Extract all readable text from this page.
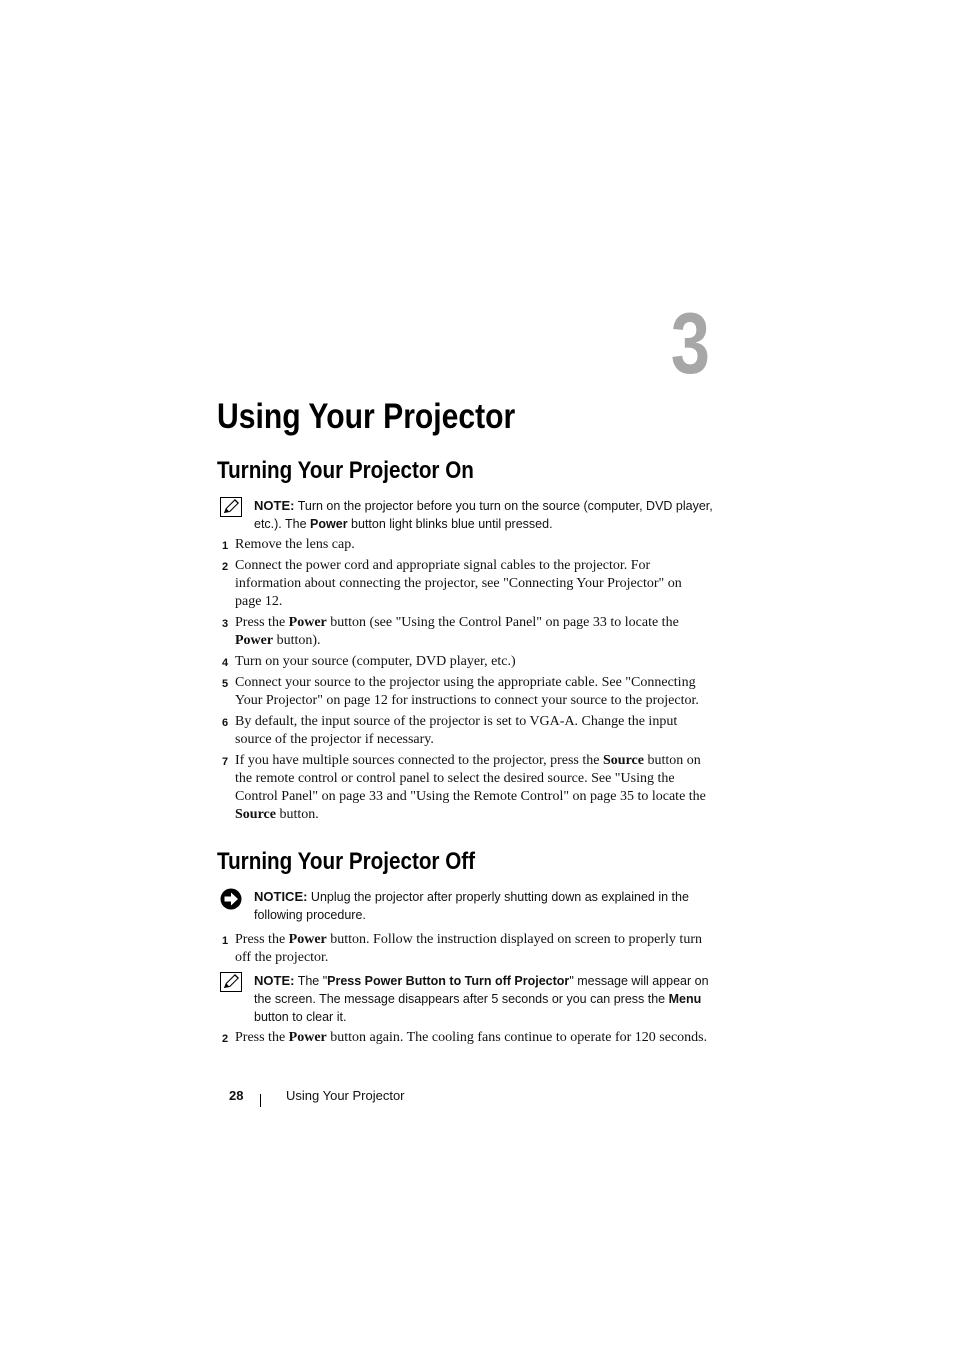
3
Using Your Projector
Turning Your Projector On
NOTE: Turn on the projector before you turn on the source (computer, DVD player, etc.). The Power button light blinks blue until pressed.
1 Remove the lens cap.
2 Connect the power cord and appropriate signal cables to the projector. For information about connecting the projector, see "Connecting Your Projector" on page 12.
3 Press the Power button (see "Using the Control Panel" on page 33 to locate the Power button).
4 Turn on your source (computer, DVD player, etc.)
5 Connect your source to the projector using the appropriate cable. See "Connecting Your Projector" on page 12 for instructions to connect your source to the projector.
6 By default, the input source of the projector is set to VGA-A. Change the input source of the projector if necessary.
7 If you have multiple sources connected to the projector, press the Source button on the remote control or control panel to select the desired source. See "Using the Control Panel" on page 33 and "Using the Remote Control" on page 35 to locate the Source button.
Turning Your Projector Off
NOTICE: Unplug the projector after properly shutting down as explained in the following procedure.
1 Press the Power button. Follow the instruction displayed on screen to properly turn off the projector.
NOTE: The "Press Power Button to Turn off Projector" message will appear on the screen. The message disappears after 5 seconds or you can press the Menu button to clear it.
2 Press the Power button again. The cooling fans continue to operate for 120 seconds.
28	Using Your Projector
